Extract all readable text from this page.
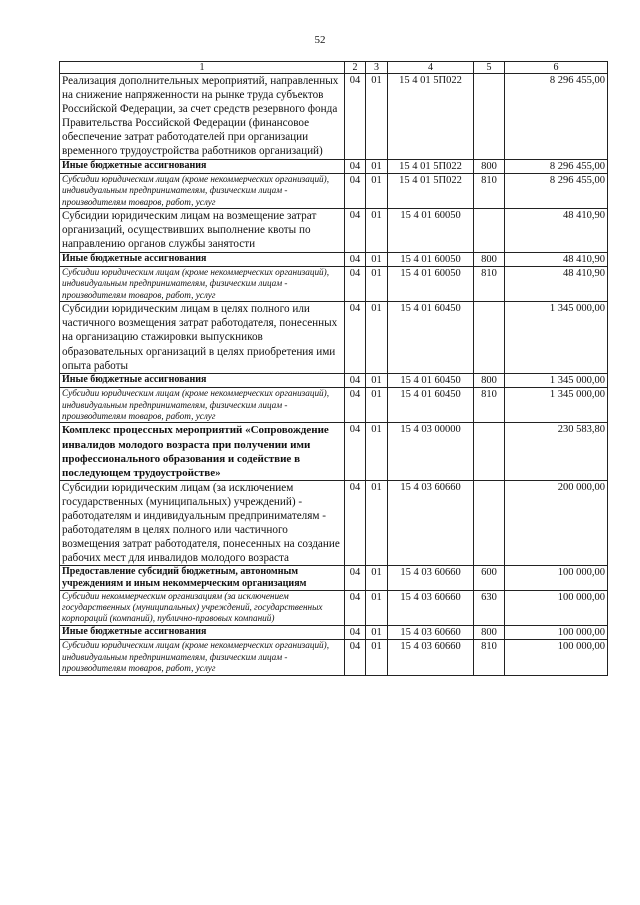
52
1	2	3	4	5	6
Реализация дополнительных мероприятий, направленных на снижение напряженности на рынке труда субъектов Российской Федерации, за счет средств резервного фонда Правительства Российской Федерации (финансовое обеспечение затрат работодателей при организации временного трудоустройства работников организаций)	04	01	15 4 01 5П022		8 296 455,00
Иные бюджетные ассигнования	04	01	15 4 01 5П022	800	8 296 455,00
Субсидии юридическим лицам (кроме некоммерческих организаций), индивидуальным предпринимателям, физическим лицам - производителям товаров, работ, услуг	04	01	15 4 01 5П022	810	8 296 455,00
Субсидии юридическим лицам на возмещение затрат организаций, осуществивших выполнение квоты по направлению органов службы занятости	04	01	15 4 01 60050		48 410,90
Иные бюджетные ассигнования	04	01	15 4 01 60050	800	48 410,90
Субсидии юридическим лицам (кроме некоммерческих организаций), индивидуальным предпринимателям, физическим лицам - производителям товаров, работ, услуг	04	01	15 4 01 60050	810	48 410,90
Субсидии юридическим лицам в целях полного или частичного возмещения затрат работодателя, понесенных на организацию стажировки выпускников образовательных организаций в целях приобретения ими опыта работы	04	01	15 4 01 60450		1 345 000,00
Иные бюджетные ассигнования	04	01	15 4 01 60450	800	1 345 000,00
Субсидии юридическим лицам (кроме некоммерческих организаций), индивидуальным предпринимателям, физическим лицам - производителям товаров, работ, услуг	04	01	15 4 01 60450	810	1 345 000,00
Комплекс процессных мероприятий «Сопровождение инвалидов молодого возраста при получении ими профессионального образования и содействие в последующем трудоустройстве»	04	01	15 4 03 00000		230 583,80
Субсидии юридическим лицам (за исключением государственных (муниципальных) учреждений) - работодателям и индивидуальным предпринимателям - работодателям в целях полного или частичного возмещения затрат работодателя, понесенных на создание рабочих мест для инвалидов молодого возраста	04	01	15 4 03 60660		200 000,00
Предоставление субсидий бюджетным, автономным учреждениям и иным некоммерческим организациям	04	01	15 4 03 60660	600	100 000,00
Субсидии некоммерческим организациям (за исключением государственных (муниципальных) учреждений, государственных корпораций (компаний), публично-правовых компаний)	04	01	15 4 03 60660	630	100 000,00
Иные бюджетные ассигнования	04	01	15 4 03 60660	800	100 000,00
Субсидии юридическим лицам (кроме некоммерческих организаций), индивидуальным предпринимателям, физическим лицам - производителям товаров, работ, услуг	04	01	15 4 03 60660	810	100 000,00
